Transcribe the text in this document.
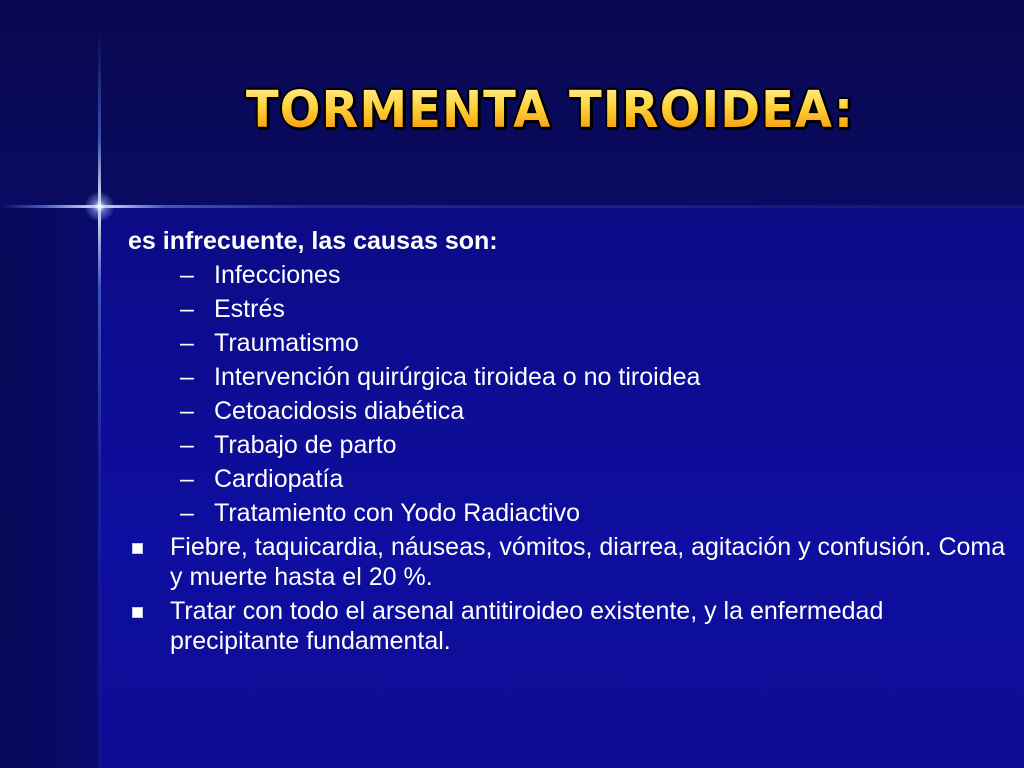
TORMENTA TIROIDEA:
es infrecuente, las causas son:
– Infecciones
– Estrés
– Traumatismo
– Intervención quirúrgica tiroidea o no tiroidea
– Cetoacidosis diabética
– Trabajo de parto
– Cardiopatía
– Tratamiento con Yodo Radiactivo
Fiebre, taquicardia, náuseas, vómitos, diarrea, agitación y confusión. Coma y muerte hasta el 20 %.
Tratar con todo el arsenal antitiroideo existente, y la enfermedad precipitante fundamental.
